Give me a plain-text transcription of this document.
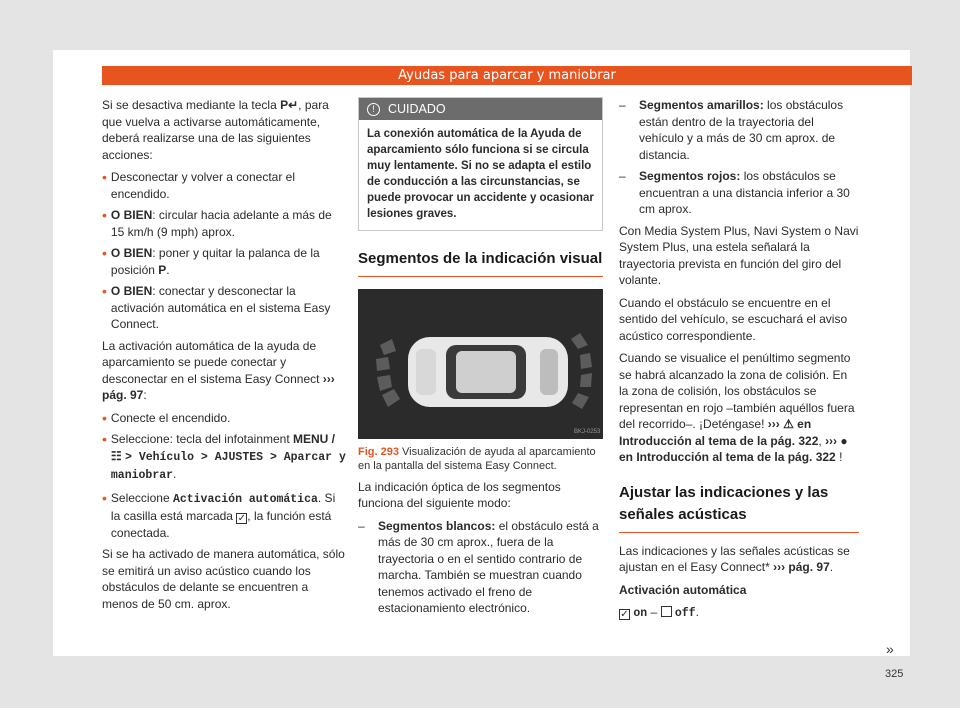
Ayudas para aparcar y maniobrar

Si se desactiva mediante la tecla P↵, para que vuelva a activarse automáticamente, deberá realizarse una de las siguientes acciones:

• Desconectar y volver a conectar el encendido.
• O BIEN: circular hacia adelante a más de 15 km/h (9 mph) aprox.
• O BIEN: poner y quitar la palanca de la posición P.
• O BIEN: conectar y desconectar la activación automática en el sistema Easy Connect.

La activación automática de la ayuda de aparcamiento se puede conectar y desconectar en el sistema Easy Connect ››› pág. 97:

• Conecte el encendido.
• Seleccione: tecla del infotainment MENU / ☷ > Vehículo > AJUSTES > Aparcar y maniobrar.
• Seleccione Activación automática. Si la casilla está marcada ✓, la función está conectada.

Si se ha activado de manera automática, sólo se emitirá un aviso acústico cuando los obstáculos de delante se encuentren a menos de 50 cm. aprox.

! CUIDADO
La conexión automática de la Ayuda de aparcamiento sólo funciona si se circula muy lentamente. Si no se adapta el estilo de conducción a las circunstancias, se puede provocar un accidente y ocasionar lesiones graves.
Segmentos de la indicación visual
BKJ-0253

Fig. 293 Visualización de ayuda al aparcamiento en la pantalla del sistema Easy Connect.

La indicación óptica de los segmentos funciona del siguiente modo:

–	Segmentos blancos: el obstáculo está a más de 30 cm aprox., fuera de la trayectoria o en el sentido contrario de marcha. También se muestran cuando tenemos activado el freno de estacionamiento electrónico.
–	Segmentos amarillos: los obstáculos están dentro de la trayectoria del vehículo y a más de 30 cm aprox. de distancia.
–	Segmentos rojos: los obstáculos se encuentran a una distancia inferior a 30 cm aprox.

Con Media System Plus, Navi System o Navi System Plus, una estela señalará la trayectoria prevista en función del giro del volante.

Cuando el obstáculo se encuentre en el sentido del vehículo, se escuchará el aviso acústico correspondiente.

Cuando se visualice el penúltimo segmento se habrá alcanzado la zona de colisión. En la zona de colisión, los obstáculos se representan en rojo –también aquéllos fuera del recorrido–. ¡Deténgase! ››› ⚠ en Introducción al tema de la pág. 322, ››› ● en Introducción al tema de la pág. 322 !

Ajustar las indicaciones y las señales acústicas

Las indicaciones y las señales acústicas se ajustan en el Easy Connect* ››› pág. 97.

Activación automática

✓ on –  off.

»
325
